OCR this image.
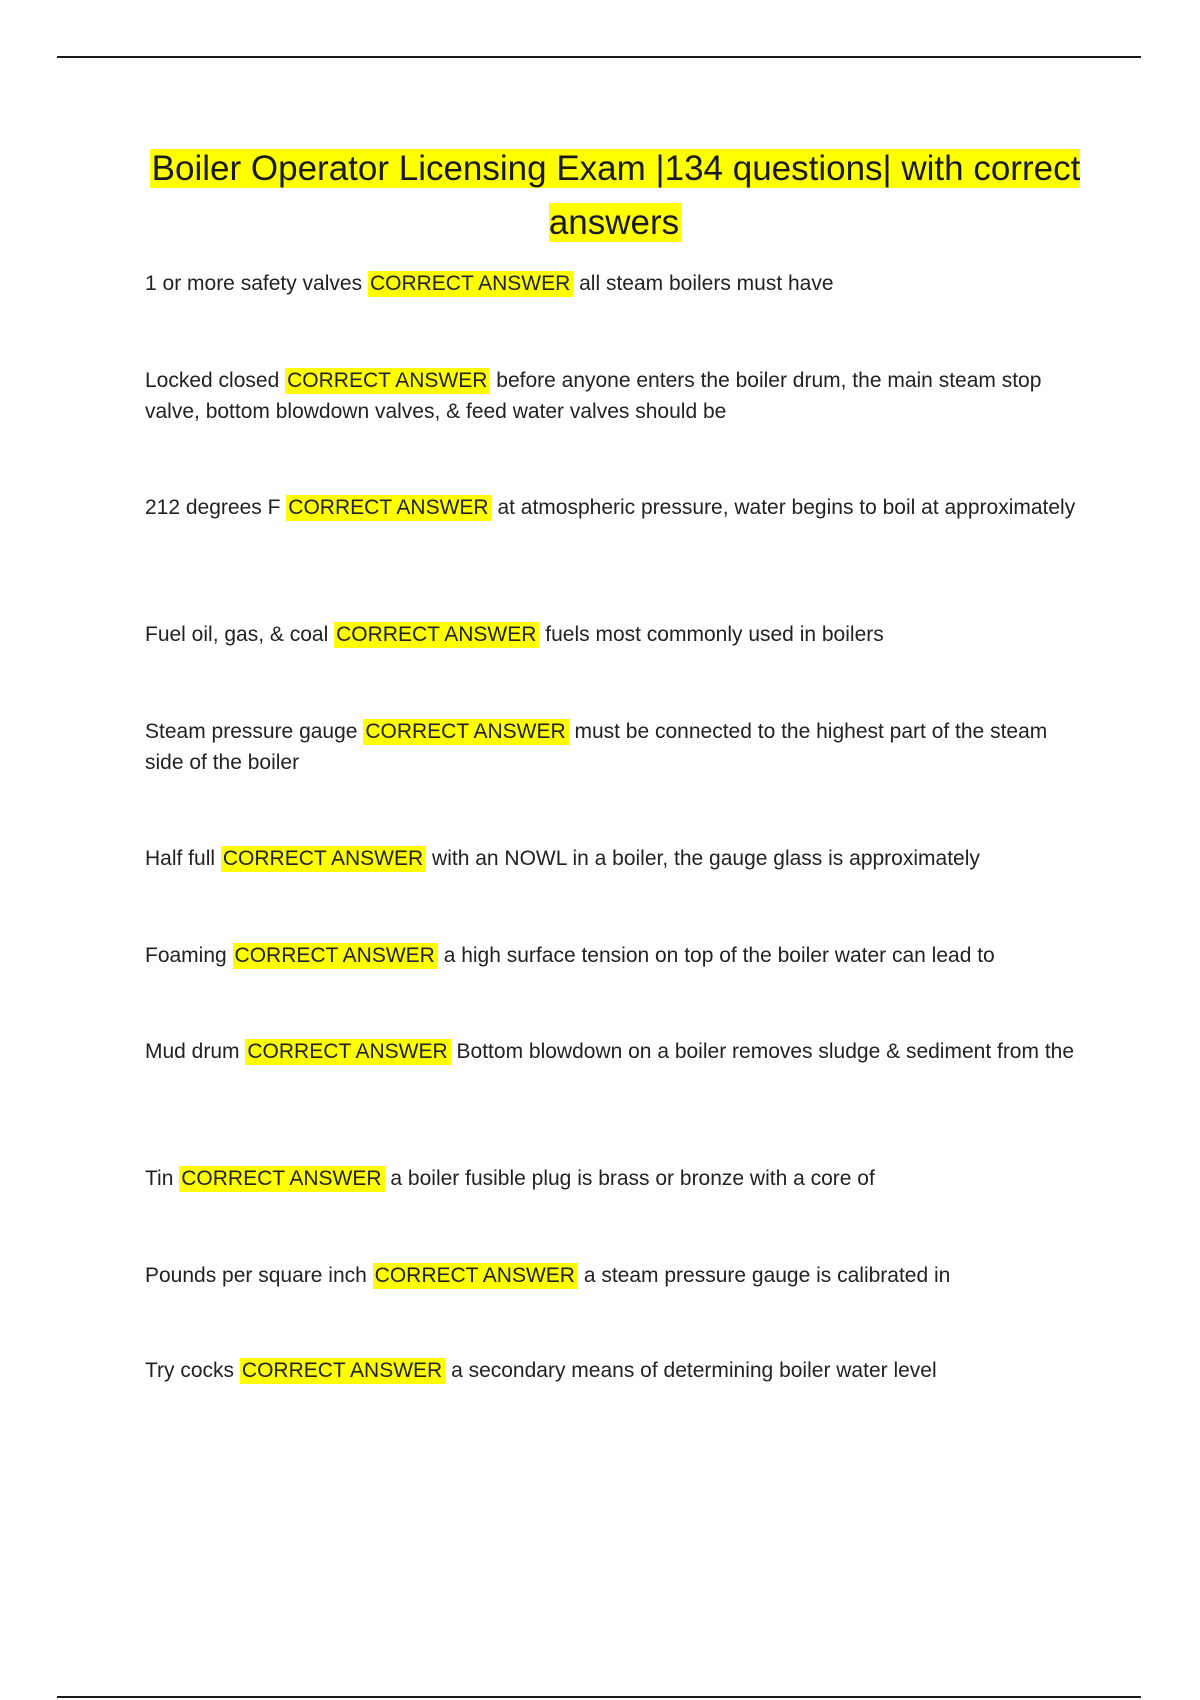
Boiler Operator Licensing Exam |134 questions| with correct answers

1 or more safety valves CORRECT ANSWER all steam boilers must have

Locked closed CORRECT ANSWER before anyone enters the boiler drum, the main steam stop valve, bottom blowdown valves, & feed water valves should be

212 degrees F CORRECT ANSWER at atmospheric pressure, water begins to boil at approximately

Fuel oil, gas, & coal CORRECT ANSWER fuels most commonly used in boilers

Steam pressure gauge CORRECT ANSWER must be connected to the highest part of the steam side of the boiler

Half full CORRECT ANSWER with an NOWL in a boiler, the gauge glass is approximately

Foaming CORRECT ANSWER a high surface tension on top of the boiler water can lead to

Mud drum CORRECT ANSWER Bottom blowdown on a boiler removes sludge & sediment from the

Tin CORRECT ANSWER a boiler fusible plug is brass or bronze with a core of

Pounds per square inch CORRECT ANSWER a steam pressure gauge is calibrated in

Try cocks CORRECT ANSWER a secondary means of determining boiler water level
